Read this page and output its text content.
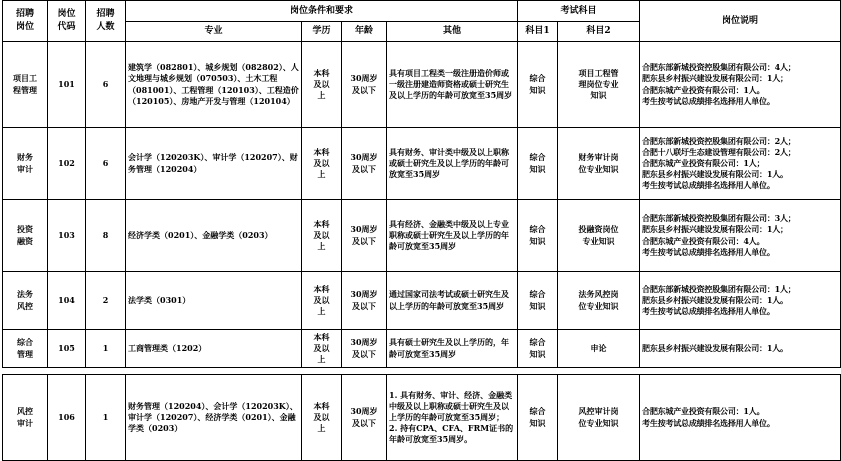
招聘
岗位	岗位
代码	招聘
人数	岗位条件和要求				考试科目		岗位说明
			专业	学历	年龄	其他	科目1	科目2	
项目工
程管理	101	6	建筑学（082801）、城乡规划（082802）、人文地理与城乡规划（070503）、土木工程（081001）、工程管理（120103）、工程造价（120105）、房地产开发与管理（120104）	本科
及以
上	30周岁
及以下	具有项目工程类一级注册造价师或一级注册建造师资格或硕士研究生及以上学历的年龄可放宽至35周岁	综合
知识	项目工程管
理岗位专业
知识	合肥东部新城投资控股集团有限公司：4人；
肥东县乡村振兴建设发展有限公司：1人；
合肥东城产业投资有限公司：1人。
考生按考试总成绩排名选择用人单位。
财务
审计	102	6	会计学（120203K）、审计学（120207）、财务管理（120204）	本科
及以
上	30周岁
及以下	具有财务、审计类中级及以上职称或硕士研究生及以上学历的年龄可放宽至35周岁	综合
知识	财务审计岗
位专业知识	合肥东部新城投资控股集团有限公司：2人；
合肥十八联圩生态建设管理有限公司：2人；
合肥东城产业投资有限公司：1人；
肥东县乡村振兴建设发展有限公司：1人。
考生按考试总成绩排名选择用人单位。
投资
融资	103	8	经济学类（0201）、金融学类（0203）	本科
及以
上	30周岁
及以下	具有经济、金融类中级及以上专业职称或硕士研究生及以上学历的年龄可放宽至35周岁	综合
知识	投融资岗位
专业知识	合肥东部新城投资控股集团有限公司：3人；
肥东县乡村振兴建设发展有限公司：1人；
合肥东城产业投资有限公司：4人。
考生按考试总成绩排名选择用人单位。
法务
风控	104	2	法学类（0301）	本科
及以
上	30周岁
及以下	通过国家司法考试或硕士研究生及以上学历的年龄可放宽至35周岁	综合
知识	法务风控岗
位专业知识	合肥东部新城投资控股集团有限公司：1人；
肥东县乡村振兴建设发展有限公司：1人。
考生按考试总成绩排名选择用人单位。
综合
管理	105	1	工商管理类（1202）	本科
及以
上	30周岁
及以下	具有硕士研究生及以上学历的，年龄可放宽至35周岁	综合
知识	申论	肥东县乡村振兴建设发展有限公司：1人。

风控
审计	106	1	财务管理（120204）、会计学（120203K）、审计学（120207）、经济学类（0201）、金融学类（0203）	本科
及以
上	30周岁
及以下	1. 具有财务、审计、经济、金融类中级及以上职称或硕士研究生及以上学历的年龄可放宽至35周岁；
2. 持有CPA、CFA、FRM证书的年龄可放宽至35周岁。	综合
知识	风控审计岗
位专业知识	合肥东城产业投资有限公司：1人。
考生按考试总成绩排名选择用人单位。
